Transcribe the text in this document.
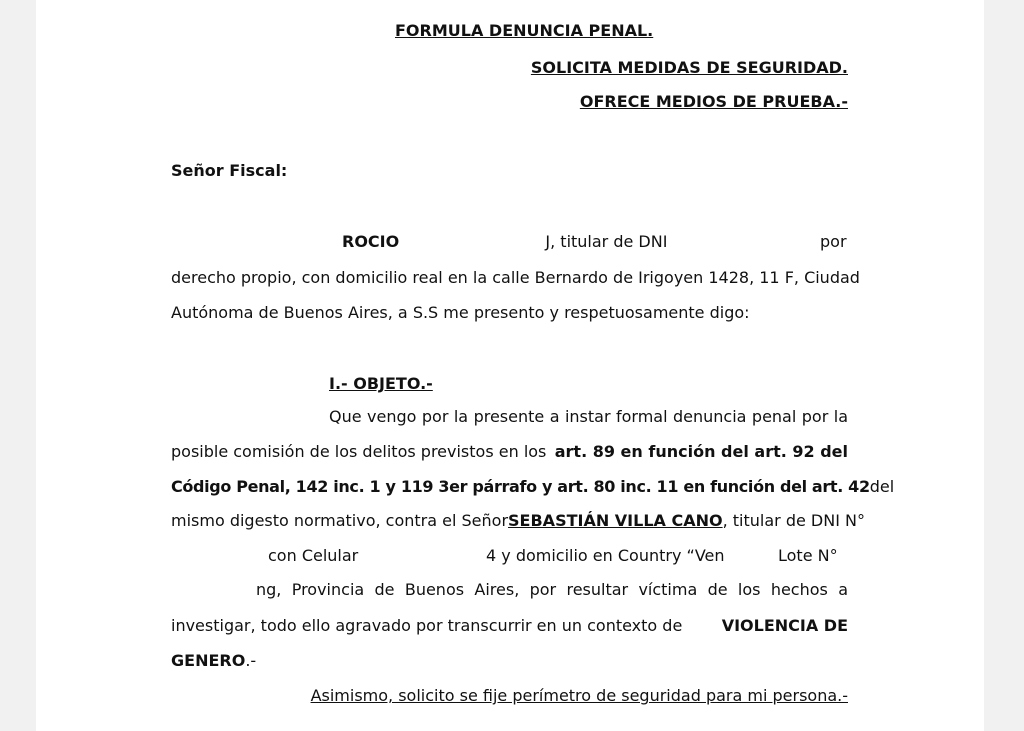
FORMULA DENUNCIA PENAL.
SOLICITA MEDIDAS DE SEGURIDAD.
OFRECE MEDIOS DE PRUEBA.-
Señor Fiscal:
ROCIO	J, titular de DNI	por
derecho propio, con domicilio real en la calle Bernardo de Irigoyen 1428, 11 F, Ciudad
Autónoma de Buenos Aires, a S.S me presento y respetuosamente digo:
I.- OBJETO.-
Que vengo por la presente a instar formal denuncia penal por la
posible comisión de los delitos previstos en los art. 89 en función del art. 92 del
Código Penal, 142 inc. 1 y 119 3er párrafo y art. 80 inc. 11 en función del art. 42 del
mismo digesto normativo, contra el Señor SEBASTIÁN VILLA CANO , titular de DNI N°
con Celular	4 y domicilio en Country “Ven	Lote N°
ng, Provincia de Buenos Aires, por resultar víctima de los hechos a
investigar, todo ello agravado por transcurrir en un contexto de VIOLENCIA DE
GENERO.-
Asimismo, solicito se fije perímetro de seguridad para mi persona.-
